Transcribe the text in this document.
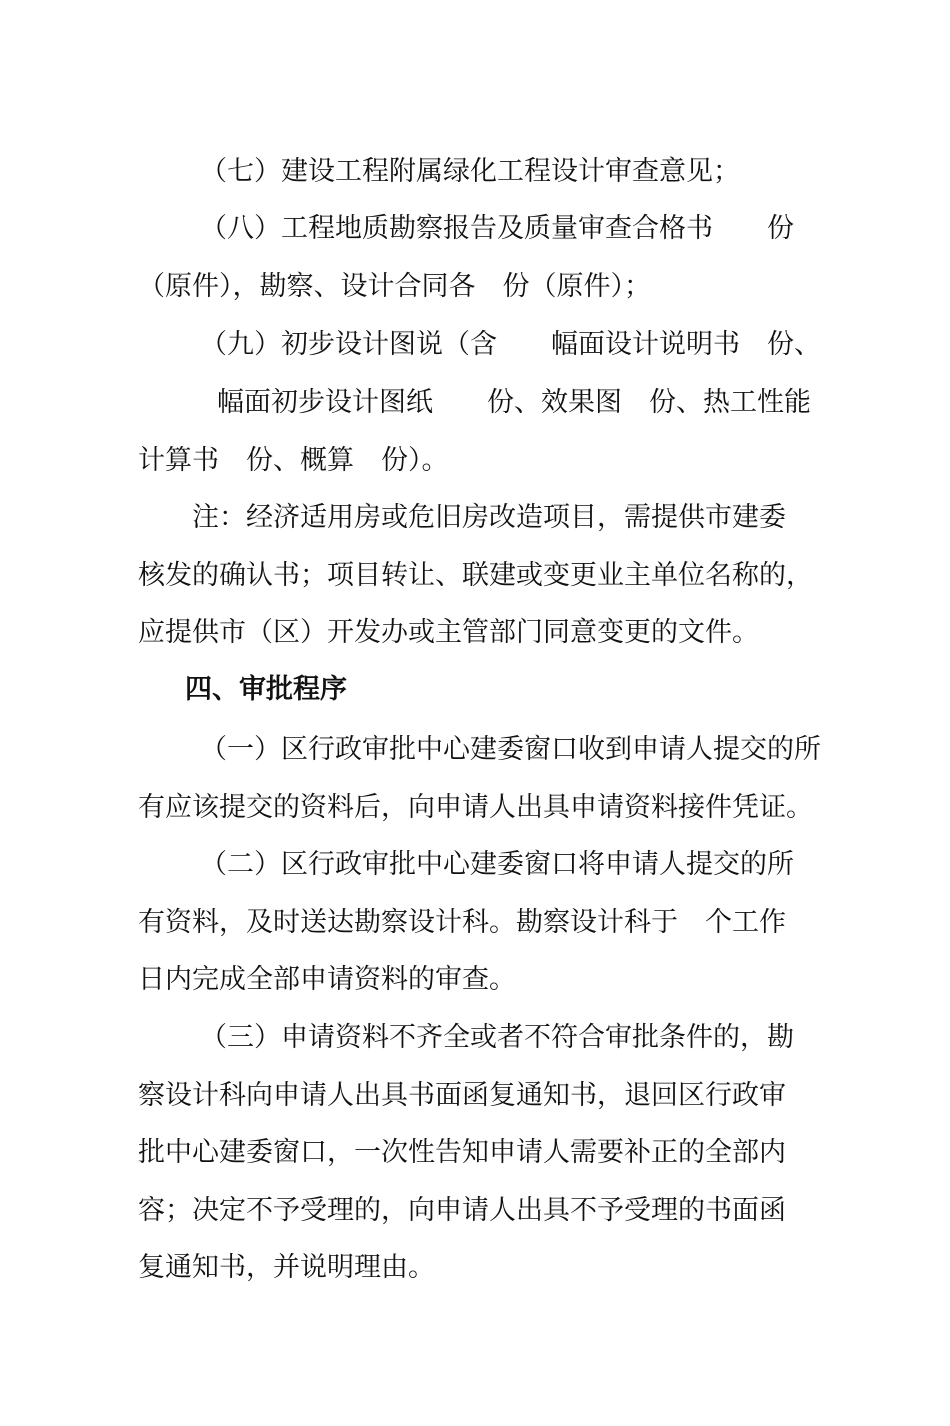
（七）建设工程附属绿化工程设计审查意见；
（八）工程地质勘察报告及质量审查合格书　　份
（原件），勘察、设计合同各　份（原件）；
（九）初步设计图说（含　　幅面设计说明书　份、
　幅面初步设计图纸　　份、效果图　份、热工性能
计算书　份、概算　份）。
注：经济适用房或危旧房改造项目，需提供市建委
核发的确认书；项目转让、联建或变更业主单位名称的，
应提供市（区）开发办或主管部门同意变更的文件。
四、审批程序
（一）区行政审批中心建委窗口收到申请人提交的所
有应该提交的资料后，向申请人出具申请资料接件凭证。
（二）区行政审批中心建委窗口将申请人提交的所
有资料，及时送达勘察设计科。勘察设计科于　个工作
日内完成全部申请资料的审查。
（三）申请资料不齐全或者不符合审批条件的，勘
察设计科向申请人出具书面函复通知书，退回区行政审
批中心建委窗口，一次性告知申请人需要补正的全部内
容；决定不予受理的，向申请人出具不予受理的书面函
复通知书，并说明理由。
